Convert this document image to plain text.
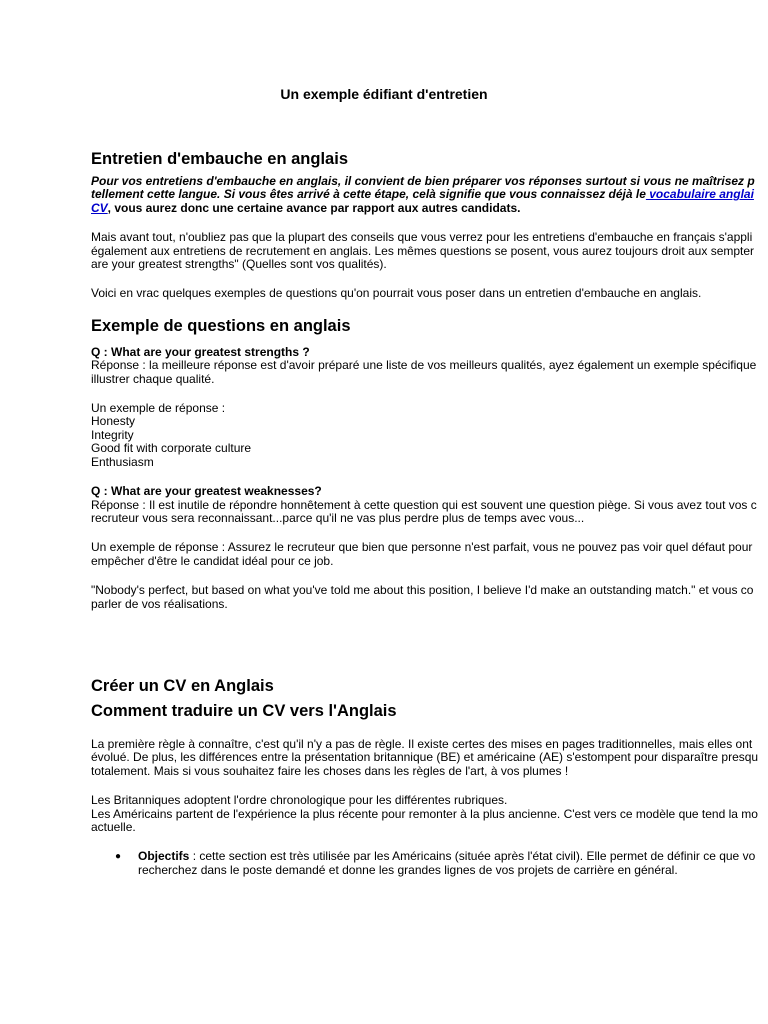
Un exemple édifiant d'entretien
Entretien d'embauche en anglais

Pour vos entretiens d'embauche en anglais, il convient de bien préparer vos réponses surtout si vous ne maîtrisez p

tellement cette langue. Si vous êtes arrivé à cette étape, celà signifie que vous connaissez déjà le vocabulaire anglai

CV, vous aurez donc une certaine avance par rapport aux autres candidats.

Mais avant tout, n'oubliez pas que la plupart des conseils que vous verrez pour les entretiens d'embauche en français s'appli

également aux entretiens de recrutement en anglais. Les mêmes questions se posent, vous aurez toujours droit aux sempter

are your greatest strengths" (Quelles sont vos qualités).

Voici en vrac quelques exemples de questions qu'on pourrait vous poser dans un entretien d'embauche en anglais.

Exemple de questions en anglais

Q : What are your greatest strengths ?

Réponse : la meilleure réponse est d'avoir préparé une liste de vos meilleurs qualités, ayez également un exemple spécifique

illustrer chaque qualité.

Un exemple de réponse :

Honesty

Integrity

Good fit with corporate culture

Enthusiasm

Q : What are your greatest weaknesses?

Réponse : Il est inutile de répondre honnêtement à cette question qui est souvent une question piège. Si vous avez tout vos c

recruteur vous sera reconnaissant...parce qu'il ne vas plus perdre plus de temps avec vous...

Un exemple de réponse : Assurez le recruteur que bien que personne n'est parfait, vous ne pouvez pas voir quel défaut pour

empêcher d'être le candidat idéal pour ce job.

"Nobody's perfect, but based on what you've told me about this position, I believe I'd make an outstanding match." et vous co

parler de vos réalisations.

Créer un CV en Anglais
Comment traduire un CV vers l'Anglais

La première règle à connaître, c'est qu'il n'y a pas de règle. Il existe certes des mises en pages traditionnelles, mais elles ont

évolué. De plus, les différences entre la présentation britannique (BE) et américaine (AE) s'estompent pour disparaître presqu

totalement. Mais si vous souhaitez faire les choses dans les règles de l'art, à vos plumes !

Les Britanniques adoptent l'ordre chronologique pour les différentes rubriques.

Les Américains partent de l'expérience la plus récente pour remonter à la plus ancienne. C'est vers ce modèle que tend la mo

actuelle.

● Objectifs : cette section est très utilisée par les Américains (située après l'état civil). Elle permet de définir ce que vo
recherchez dans le poste demandé et donne les grandes lignes de vos projets de carrière en général.
